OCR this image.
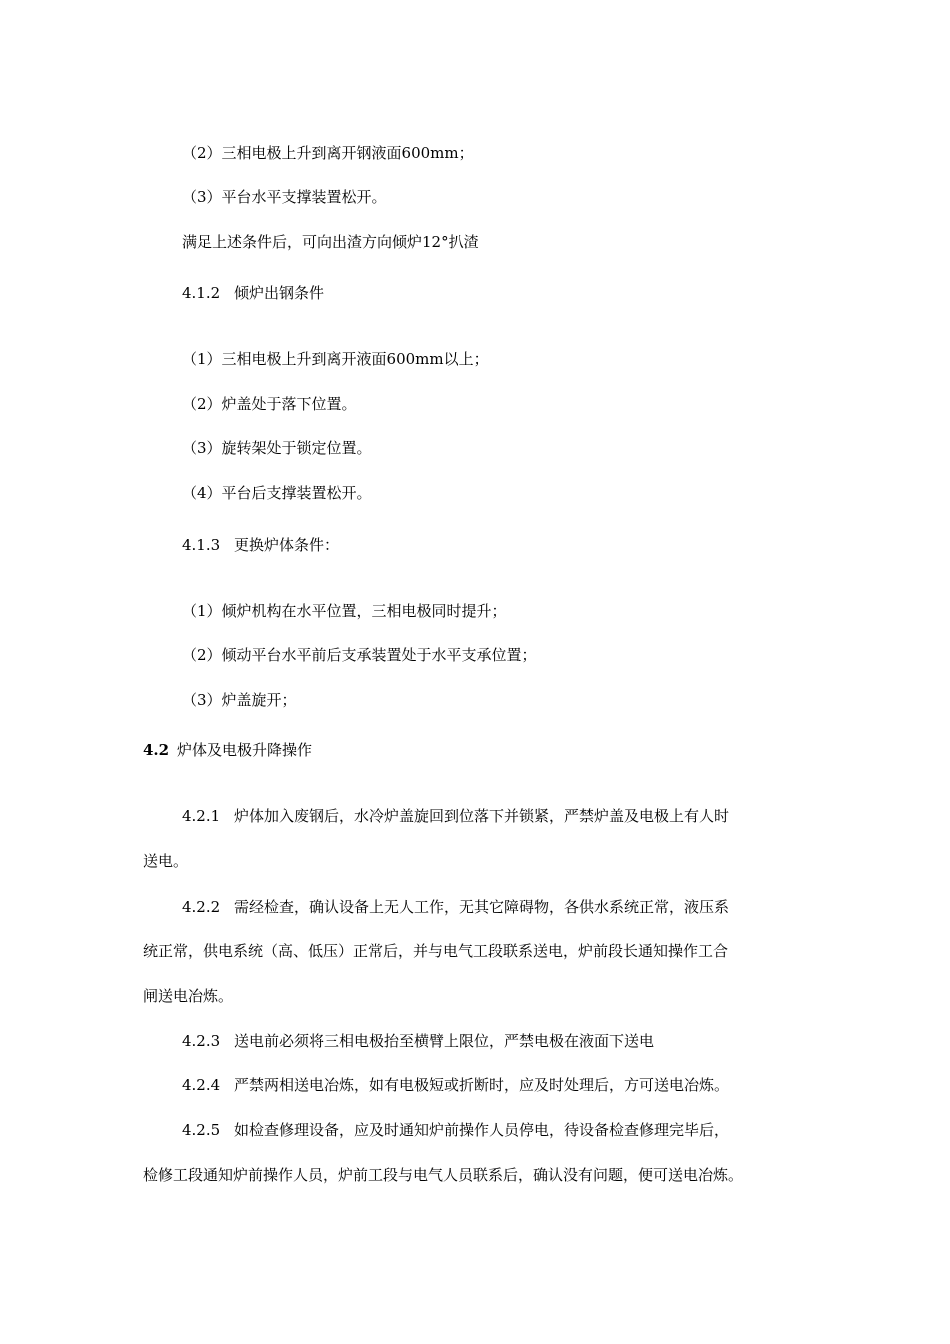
（2）三相电极上升到离开钢液面600mm；
（3）平台水平支撑装置松开。
满足上述条件后，可向出渣方向倾炉12°扒渣
4.1.2 倾炉出钢条件
（1）三相电极上升到离开液面600mm以上；
（2）炉盖处于落下位置。
（3）旋转架处于锁定位置。
（4）平台后支撑装置松开。
4.1.3 更换炉体条件：
（1）倾炉机构在水平位置，三相电极同时提升；
（2）倾动平台水平前后支承装置处于水平支承位置；
（3）炉盖旋开；
4.2 炉体及电极升降操作
4.2.1 炉体加入废钢后，水冷炉盖旋回到位落下并锁紧，严禁炉盖及电极上有人时
送电。
4.2.2 需经检查，确认设备上无人工作，无其它障碍物，各供水系统正常，液压系
统正常，供电系统（高、低压）正常后，并与电气工段联系送电，炉前段长通知操作工合
闸送电冶炼。
4.2.3 送电前必须将三相电极抬至横臂上限位，严禁电极在液面下送电
4.2.4 严禁两相送电冶炼，如有电极短或折断时，应及时处理后，方可送电冶炼。
4.2.5 如检查修理设备，应及时通知炉前操作人员停电，待设备检查修理完毕后，
检修工段通知炉前操作人员，炉前工段与电气人员联系后，确认没有问题，便可送电冶炼。
